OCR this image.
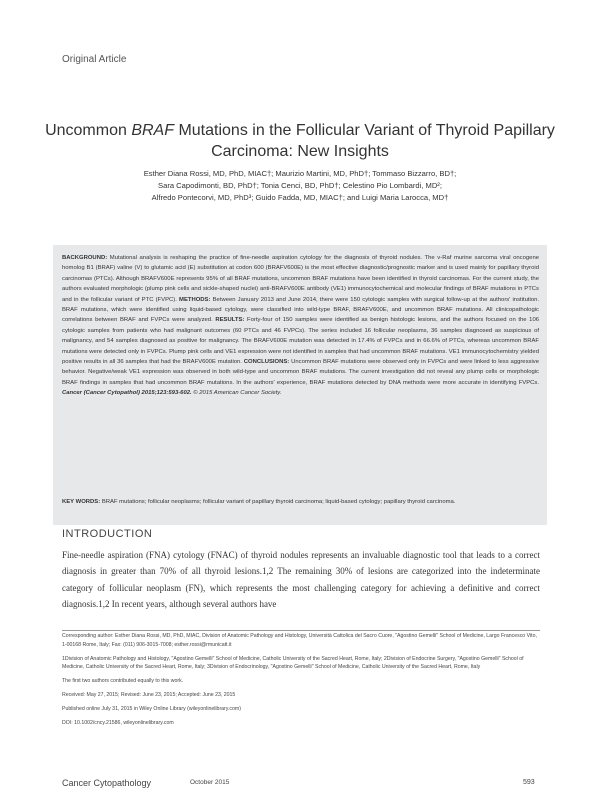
Original Article
Uncommon BRAF Mutations in the Follicular Variant of Thyroid Papillary Carcinoma: New Insights
Esther Diana Rossi, MD, PhD, MIAC†; Maurizio Martini, MD, PhD†; Tommaso Bizzarro, BD†;
Sara Capodimonti, BD, PhD†; Tonia Cenci, BD, PhD†; Celestino Pio Lombardi, MD²;
Alfredo Pontecorvi, MD, PhD³; Guido Fadda, MD, MIAC†; and Luigi Maria Larocca, MD†
BACKGROUND: Mutational analysis is reshaping the practice of fine-needle aspiration cytology for the diagnosis of thyroid nodules. The v-Raf murine sarcoma viral oncogene homolog B1 (BRAF) valine (V) to glutamic acid (E) substitution at codon 600 (BRAFV600E) is the most effective diagnostic/prognostic marker and is used mainly for papillary thyroid carcinomas (PTCs). Although BRAFV600E represents 95% of all BRAF mutations, uncommon BRAF mutations have been identified in thyroid carcinomas. For the current study, the authors evaluated morphologic (plump pink cells and sickle-shaped nuclei) anti-BRAFV600E antibody (VE1) immunocytochemical and molecular findings of BRAF mutations in PTCs and in the follicular variant of PTC (FVPC). METHODS: Between January 2013 and June 2014, there were 150 cytologic samples with surgical follow-up at the authors' institution. BRAF mutations, which were identified using liquid-based cytology, were classified into wild-type BRAF, BRAFV600E, and uncommon BRAF mutations. All clinicopathologic correlations between BRAF and FVPCs were analyzed. RESULTS: Forty-four of 150 samples were identified as benign histologic lesions, and the authors focused on the 106 cytologic samples from patients who had malignant outcomes (60 PTCs and 46 FVPCs). The series included 16 follicular neoplasms, 36 samples diagnosed as suspicious of malignancy, and 54 samples diagnosed as positive for malignancy. The BRAFV600E mutation was detected in 17.4% of FVPCs and in 66.6% of PTCs, whereas uncommon BRAF mutations were detected only in FVPCs. Plump pink cells and VE1 expression were not identified in samples that had uncommon BRAF mutations. VE1 immunocytochemistry yielded positive results in all 36 samples that had the BRAFV600E mutation. CONCLUSIONS: Uncommon BRAF mutations were observed only in FVPCs and were linked to less aggressive behavior. Negative/weak VE1 expression was observed in both wild-type and uncommon BRAF mutations. The current investigation did not reveal any plump cells or morphologic BRAF findings in samples that had uncommon BRAF mutations. In the authors' experience, BRAF mutations detected by DNA methods were more accurate in identifying FVPCs. Cancer (Cancer Cytopathol) 2015;123:593-602. © 2015 American Cancer Society.
KEY WORDS: BRAF mutations; follicular neoplasms; follicular variant of papillary thyroid carcinoma; liquid-based cytology; papillary thyroid carcinoma.
INTRODUCTION
Fine-needle aspiration (FNA) cytology (FNAC) of thyroid nodules represents an invaluable diagnostic tool that leads to a correct diagnosis in greater than 70% of all thyroid lesions.1,2 The remaining 30% of lesions are categorized into the indeterminate category of follicular neoplasm (FN), which represents the most challenging category for achieving a definitive and correct diagnosis.1,2 In recent years, although several authors have
Corresponding author: Esther Diana Rossi, MD, PhD, MIAC, Division of Anatomic Pathology and Histology, Università Cattolica del Sacro Cuore, "Agostino Gemelli" School of Medicine, Largo Francesco Vito, 1-00168 Rome, Italy; Fax: (011) 906-3015-7008; esther.rossi@rmunicatt.it
1Division of Anatomic Pathology and Histology, "Agostino Gemelli" School of Medicine, Catholic University of the Sacred Heart, Rome, Italy; 2Division of Endocrine Surgery, "Agostino Gemelli" School of Medicine, Catholic University of the Sacred Heart, Rome, Italy; 3Division of Endocrinology, "Agostino Gemelli" School of Medicine, Catholic University of the Sacred Heart, Rome, Italy
The first two authors contributed equally to this work.
Received: May 27, 2015; Revised: June 23, 2015; Accepted: June 23, 2015
Published online July 31, 2015 in Wiley Online Library (wileyonlinelibrary.com)
DOI: 10.1002/cncy.21586, wileyonlinelibrary.com
Cancer Cytopathology	October 2015	593
